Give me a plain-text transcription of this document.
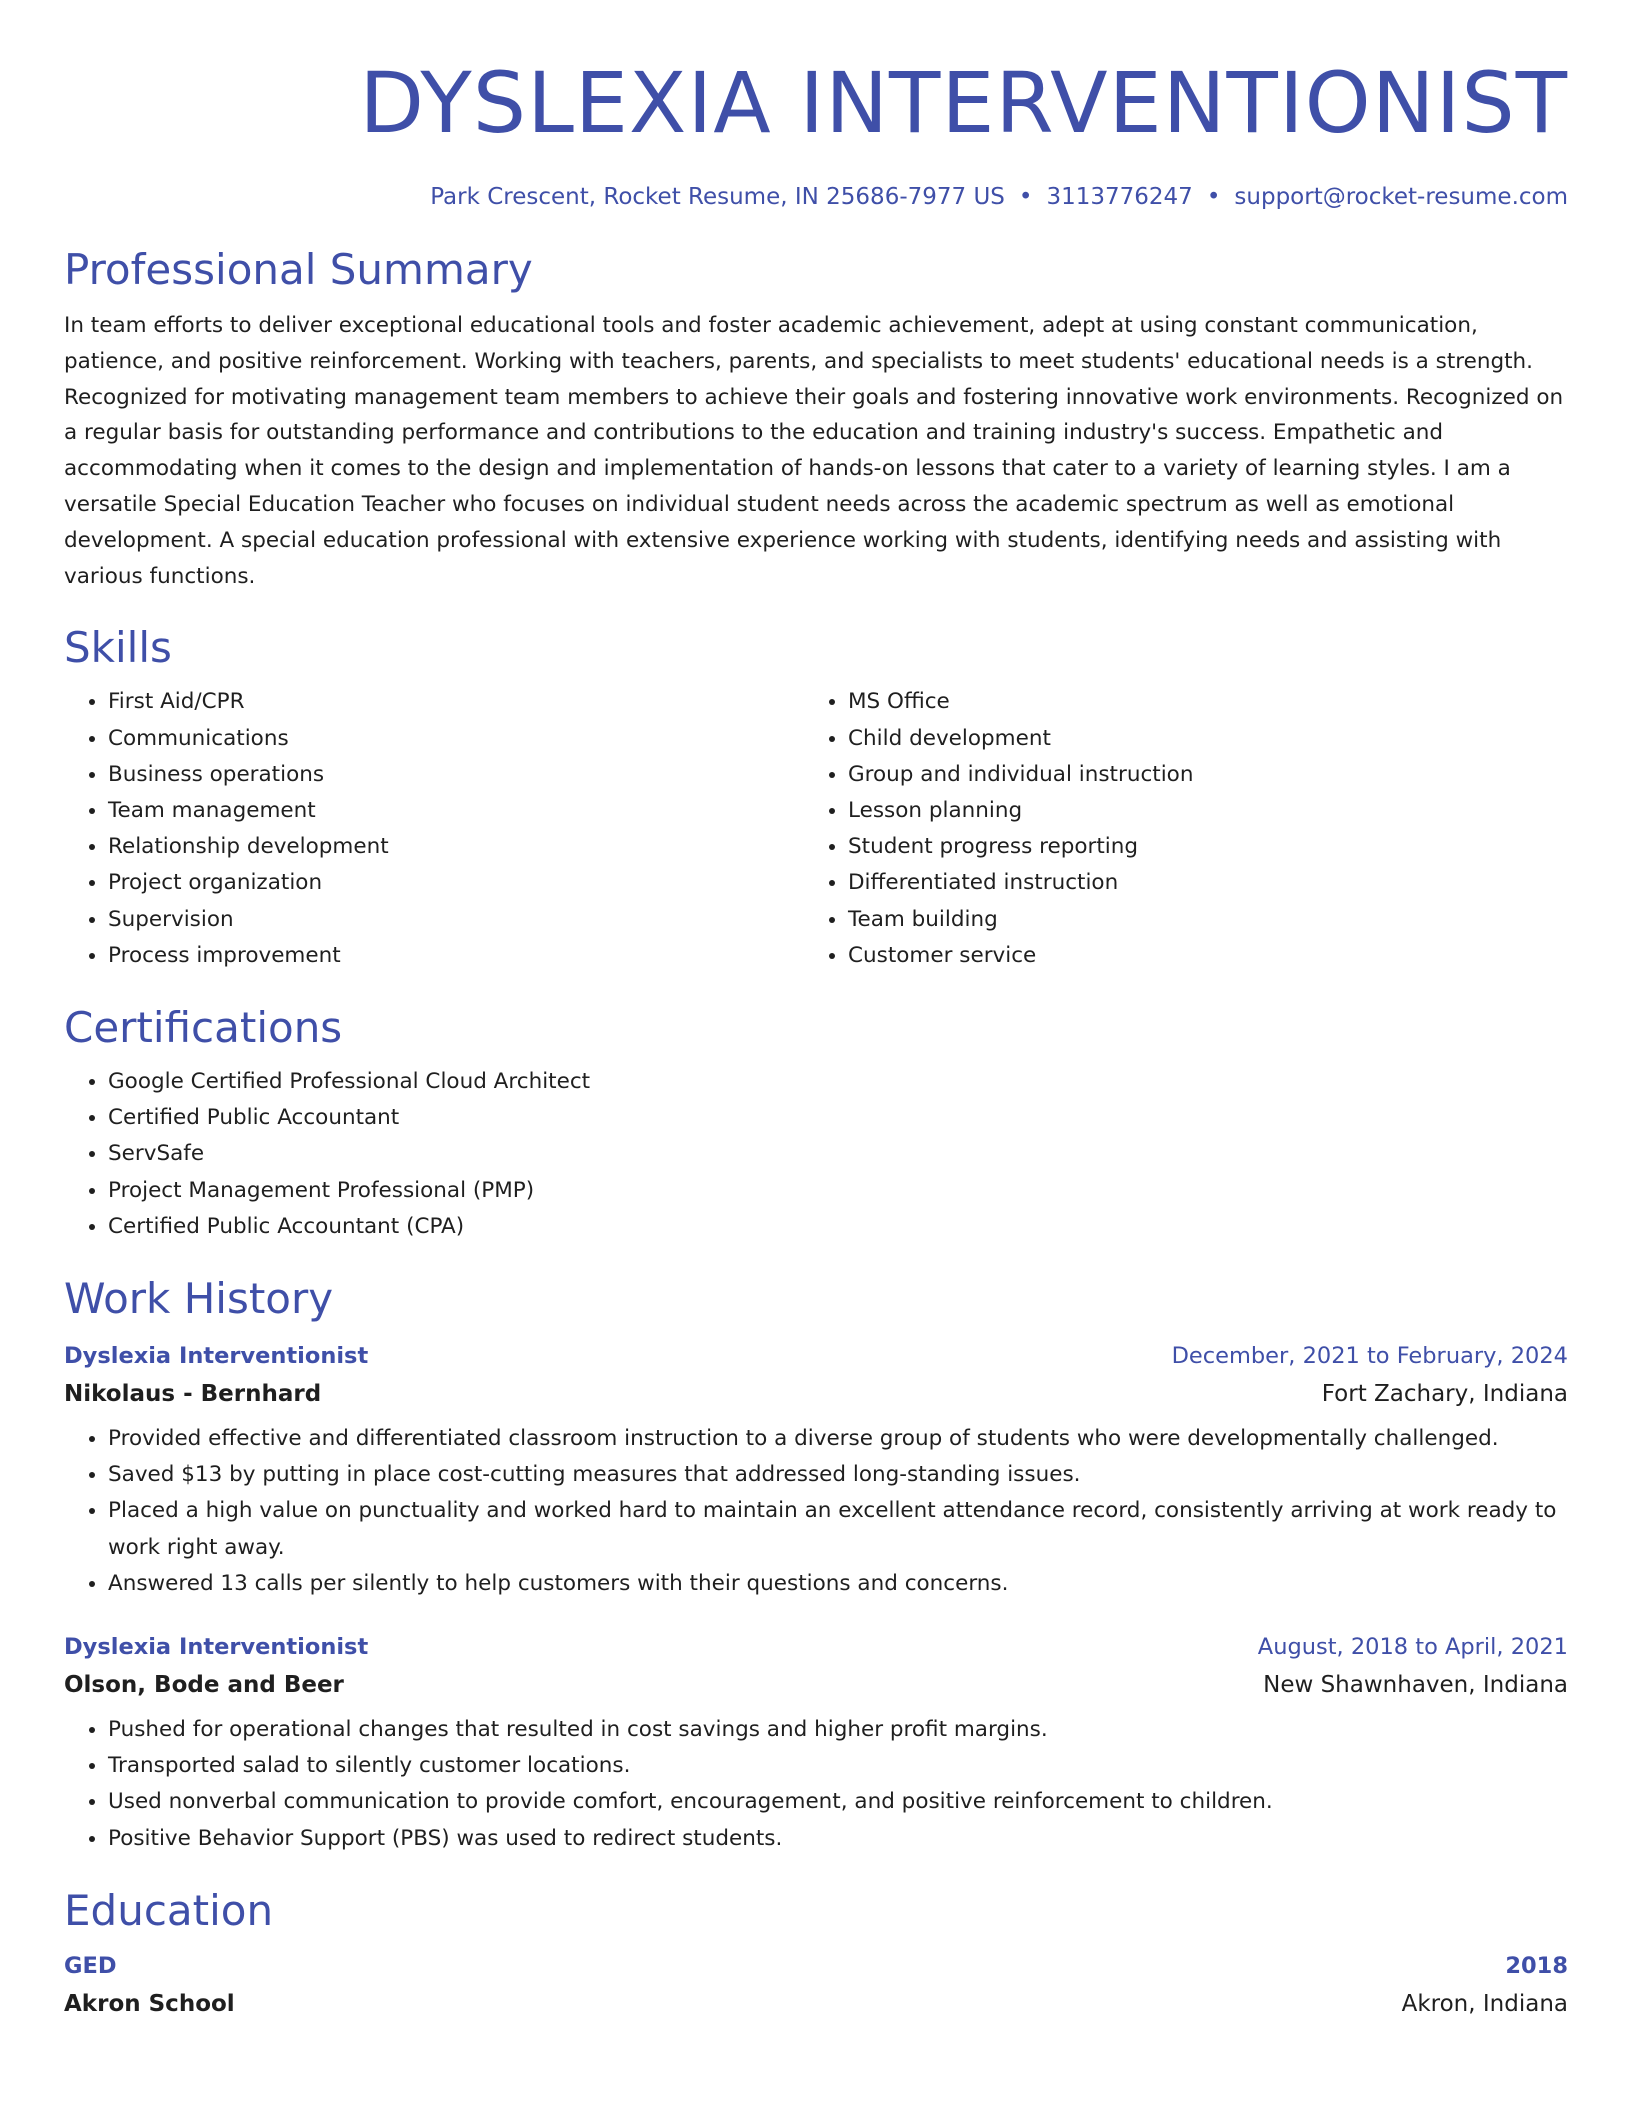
DYSLEXIA INTERVENTIONIST
Park Crescent, Rocket Resume, IN 25686-7977 US • 3113776247 • support@rocket-resume.com
Professional Summary

In team efforts to deliver exceptional educational tools and foster academic achievement, adept at using constant communication, patience, and positive reinforcement. Working with teachers, parents, and specialists to meet students' educational needs is a strength. Recognized for motivating management team members to achieve their goals and fostering innovative work environments. Recognized on a regular basis for outstanding performance and contributions to the education and training industry's success. Empathetic and accommodating when it comes to the design and implementation of hands-on lessons that cater to a variety of learning styles. I am a versatile Special Education Teacher who focuses on individual student needs across the academic spectrum as well as emotional development. A special education professional with extensive experience working with students, identifying needs and assisting with various functions.

Skills
• First Aid/CPR
• Communications
• Business operations
• Team management
• Relationship development
• Project organization
• Supervision
• Process improvement
• MS Office
• Child development
• Group and individual instruction
• Lesson planning
• Student progress reporting
• Differentiated instruction
• Team building
• Customer service
Certifications
• Google Certified Professional Cloud Architect
• Certified Public Accountant
• ServSafe
• Project Management Professional (PMP)
• Certified Public Accountant (CPA)
Work History
Dyslexia Interventionist	December, 2021 to February, 2024
Nikolaus - Bernhard	Fort Zachary, Indiana
• Provided effective and differentiated classroom instruction to a diverse group of students who were developmentally challenged.
• Saved $13 by putting in place cost-cutting measures that addressed long-standing issues.
• Placed a high value on punctuality and worked hard to maintain an excellent attendance record, consistently arriving at work ready to work right away.
• Answered 13 calls per silently to help customers with their questions and concerns.
Dyslexia Interventionist	August, 2018 to April, 2021
Olson, Bode and Beer	New Shawnhaven, Indiana
• Pushed for operational changes that resulted in cost savings and higher profit margins.
• Transported salad to silently customer locations.
• Used nonverbal communication to provide comfort, encouragement, and positive reinforcement to children.
• Positive Behavior Support (PBS) was used to redirect students.
Education
GED	2018
Akron School	Akron, Indiana
